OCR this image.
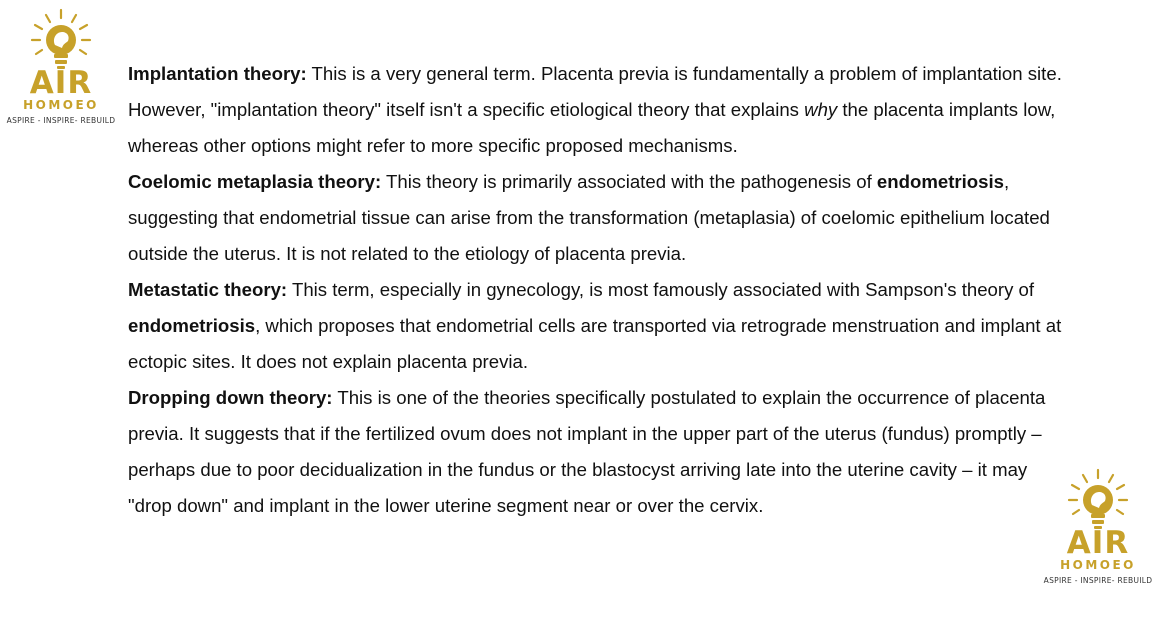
AIR
HOMOEO
ASPIRE - INSPIRE- REBUILD

Implantation theory: This is a very general term. Placenta previa is fundamentally a problem of implantation site. However, "implantation theory" itself isn't a specific etiological theory that explains why the placenta implants low, whereas other options might refer to more specific proposed mechanisms.

Coelomic metaplasia theory: This theory is primarily associated with the pathogenesis of endometriosis, suggesting that endometrial tissue can arise from the transformation (metaplasia) of coelomic epithelium located outside the uterus. It is not related to the etiology of placenta previa.

Metastatic theory: This term, especially in gynecology, is most famously associated with Sampson's theory of endometriosis, which proposes that endometrial cells are transported via retrograde menstruation and implant at ectopic sites. It does not explain placenta previa.

Dropping down theory: This is one of the theories specifically postulated to explain the occurrence of placenta previa. It suggests that if the fertilized ovum does not implant in the upper part of the uterus (fundus) promptly – perhaps due to poor decidualization in the fundus or the blastocyst arriving late into the uterine cavity – it may "drop down" and implant in the lower uterine segment near or over the cervix.

AIR
HOMOEO
ASPIRE - INSPIRE- REBUILD
